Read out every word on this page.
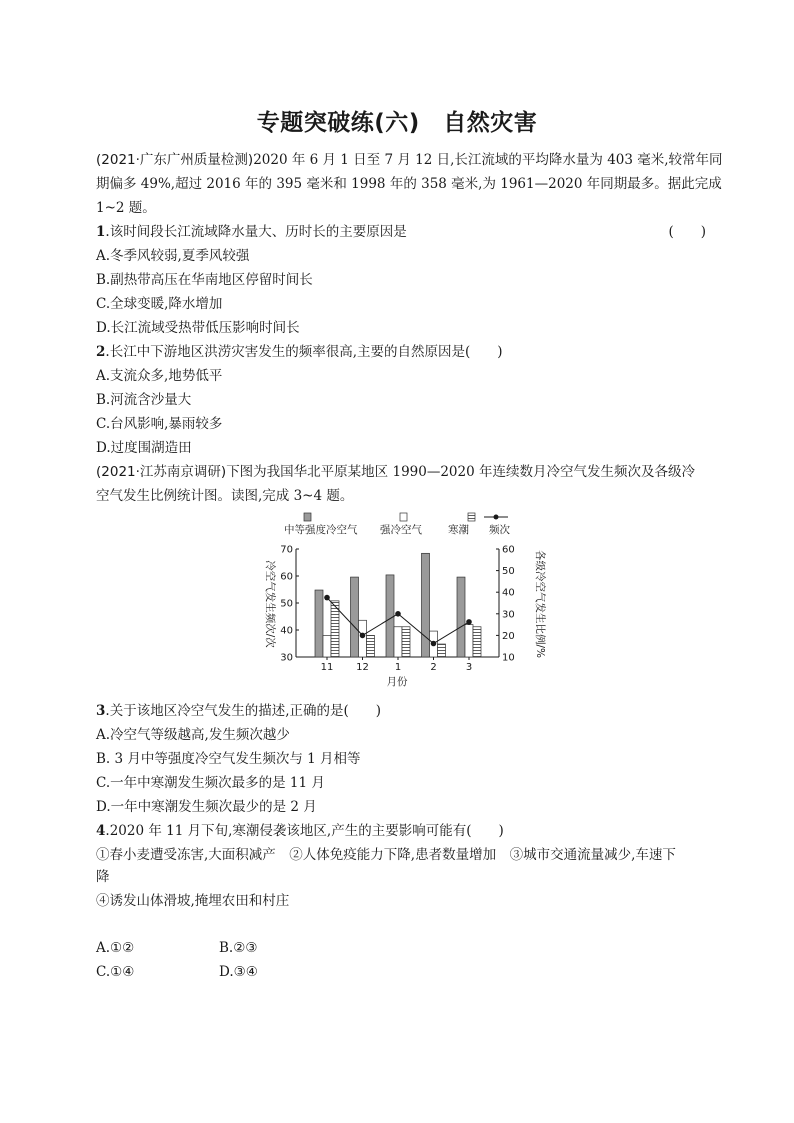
专题突破练(六)　自然灾害
(2021·广东广州质量检测)2020 年 6 月 1 日至 7 月 12 日,长江流域的平均降水量为 403 毫米,较常年同
期偏多 49%,超过 2016 年的 395 毫米和 1998 年的 358 毫米,为 1961—2020 年同期最多。据此完成
1~2 题。
1.该时间段长江流域降水量大、历时长的主要原因是	(　　)
A.冬季风较弱,夏季风较强
B.副热带高压在华南地区停留时间长
C.全球变暖,降水增加
D.长江流域受热带低压影响时间长
2.长江中下游地区洪涝灾害发生的频率很高,主要的自然原因是(　　)
A.支流众多,地势低平
B.河流含沙量大
C.台风影响,暴雨较多
D.过度围湖造田
(2021·江苏南京调研)下图为我国华北平原某地区 1990—2020 年连续数月冷空气发生频次及各级冷
空气发生比例统计图。读图,完成 3~4 题。
中等强度冷空气 强冷空气 寒潮 频次
30
40
50
60
70
10
20
30
40
50
60
11 12	1	2	3
冷空气发生频次/次	各级冷空气发生比例/%
月份
3.关于该地区冷空气发生的描述,正确的是(　　)
A.冷空气等级越高,发生频次越少
B. 3 月中等强度冷空气发生频次与 1 月相等
C.一年中寒潮发生频次最多的是 11 月
D.一年中寒潮发生频次最少的是 2 月
4.2020 年 11 月下旬,寒潮侵袭该地区,产生的主要影响可能有(　　)
①春小麦遭受冻害,大面积减产　②人体免疫能力下降,患者数量增加　③城市交通流量减少,车速下
降
④诱发山体滑坡,掩埋农田和村庄
A.①②	B.②③
C.①④	D.③④
